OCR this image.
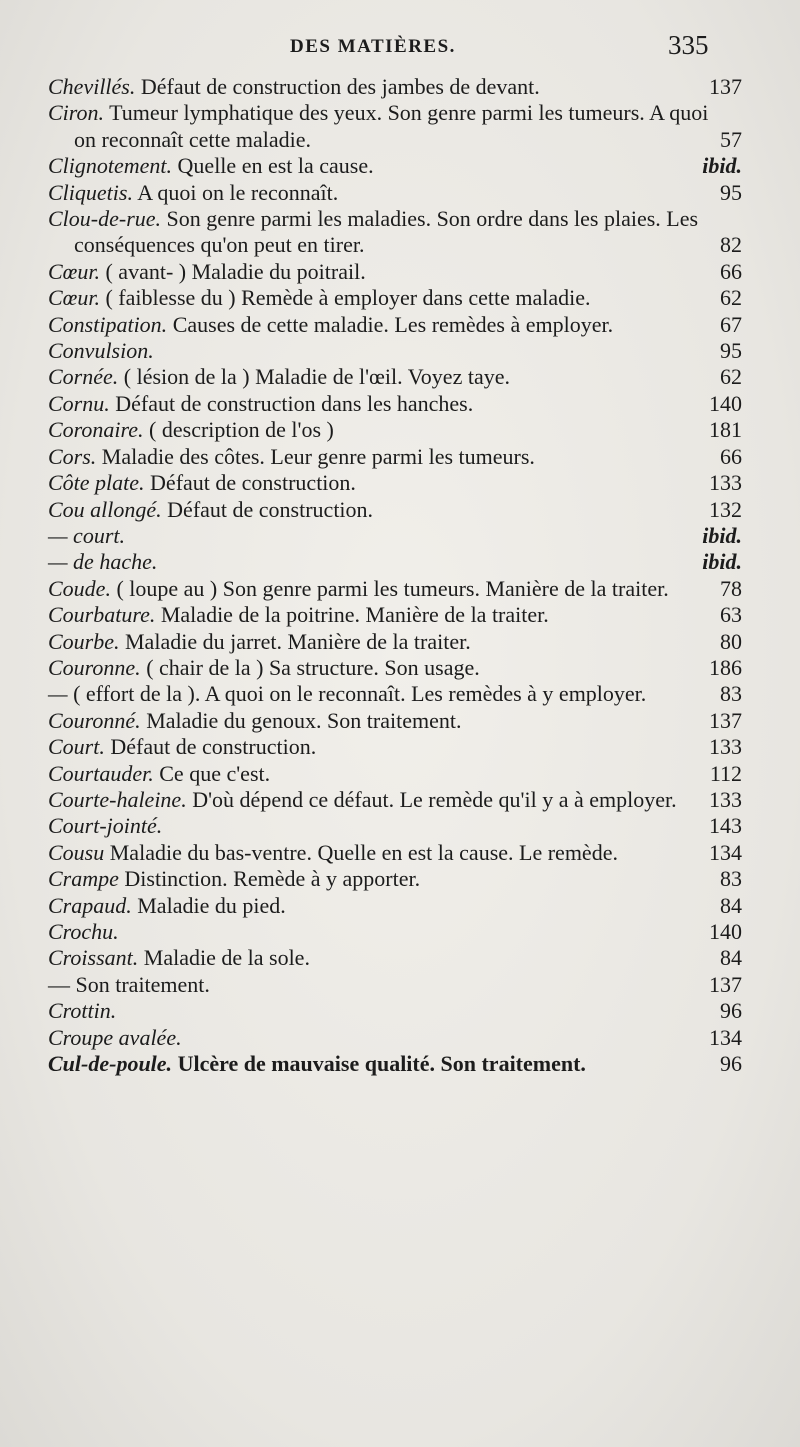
DES MATIÈRES.	335
Chevillés. Défaut de construction des jambes de devant.	137
Ciron. Tumeur lymphatique des yeux. Son genre parmi les tumeurs. A quoi on reconnaît cette maladie.	57
Clignotement. Quelle en est la cause.	ibid.
Cliquetis. A quoi on le reconnaît.	95
Clou-de-rue. Son genre parmi les maladies. Son ordre dans les plaies. Les conséquences qu'on peut en tirer.	82
Cœur. ( avant- ) Maladie du poitrail.	66
Cœur. ( faiblesse du ) Remède à employer dans cette maladie.	62
Constipation. Causes de cette maladie. Les remèdes à employer.	67
Convulsion.	95
Cornée. ( lésion de la ) Maladie de l'œil. Voyez taye.	62
Cornu. Défaut de construction dans les hanches.	140
Coronaire. ( description de l'os )	181
Cors. Maladie des côtes. Leur genre parmi les tumeurs.	66
Côte plate. Défaut de construction.	133
Cou allongé. Défaut de construction.	132
— court.	ibid.
— de hache.	ibid.
Coude. ( loupe au ) Son genre parmi les tumeurs. Manière de la traiter.	78
Courbature. Maladie de la poitrine. Manière de la traiter.	63
Courbe. Maladie du jarret. Manière de la traiter.	80
Couronne. ( chair de la ) Sa structure. Son usage.	186
— ( effort de la ). A quoi on le reconnaît. Les remèdes à y employer.	83
Couronné. Maladie du genoux. Son traitement.	137
Court. Défaut de construction.	133
Courtauder. Ce que c'est.	112
Courte-haleine. D'où dépend ce défaut. Le remède qu'il y a à employer.	133
Court-jointé.	143
Cousu Maladie du bas-ventre. Quelle en est la cause. Le remède.	134
Crampe Distinction. Remède à y apporter.	83
Crapaud. Maladie du pied.	84
Crochu.	140
Croissant. Maladie de la sole.	84
— Son traitement.	137
Crottin.	96
Croupe avalée.	134
Cul-de-poule. Ulcère de mauvaise qualité. Son traitement.	96
